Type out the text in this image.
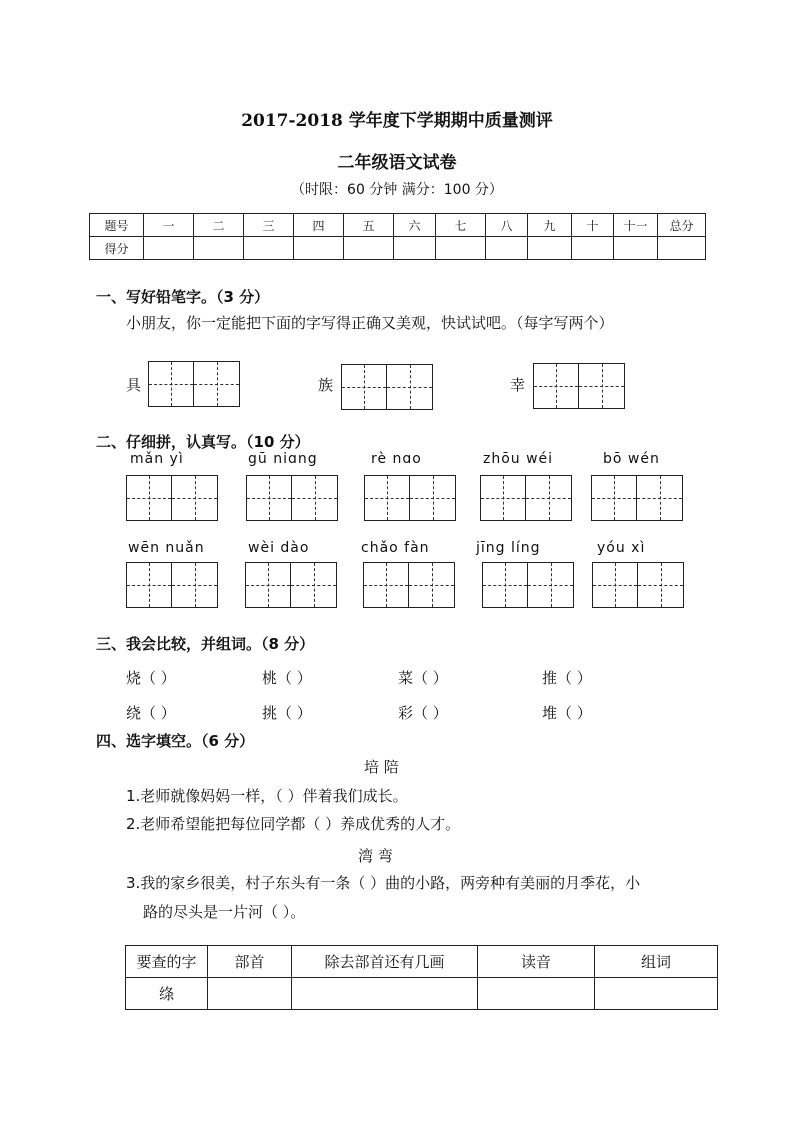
2017-2018 学年度下学期期中质量测评
二年级语文试卷
（时限：60 分钟 满分：100 分）
题号	一	二	三	四	五	六	七	八	九	十	十一	总分
得分												
一、写好铅笔字。（3 分）
小朋友，你一定能把下面的字写得正确又美观，快试试吧。（每字写两个）
具	族	幸
二、仔细拼，认真写。（10 分）
mǎn yì	gū niɑng	rè nɑo	zhōu wéi	bō wén
wēn nuǎn	wèi dào	chǎo fàn	jīng líng	yóu xì
三、我会比较，并组词。（8 分）
烧（ ）	桃（ ）	菜（ ）	推（ ）
绕（ ）	挑（ ）	彩（ ）	堆（ ）
四、选字填空。（6 分）
培 陪
1.老师就像妈妈一样，（ ）伴着我们成长。
2.老师希望能把每位同学都（ ）养成优秀的人才。
湾 弯
3.我的家乡很美，村子东头有一条（ ）曲的小路，两旁种有美丽的月季花，小
路的尽头是一片河（ ）。
要查的字	部首	除去部首还有几画	读音	组词
绦				
